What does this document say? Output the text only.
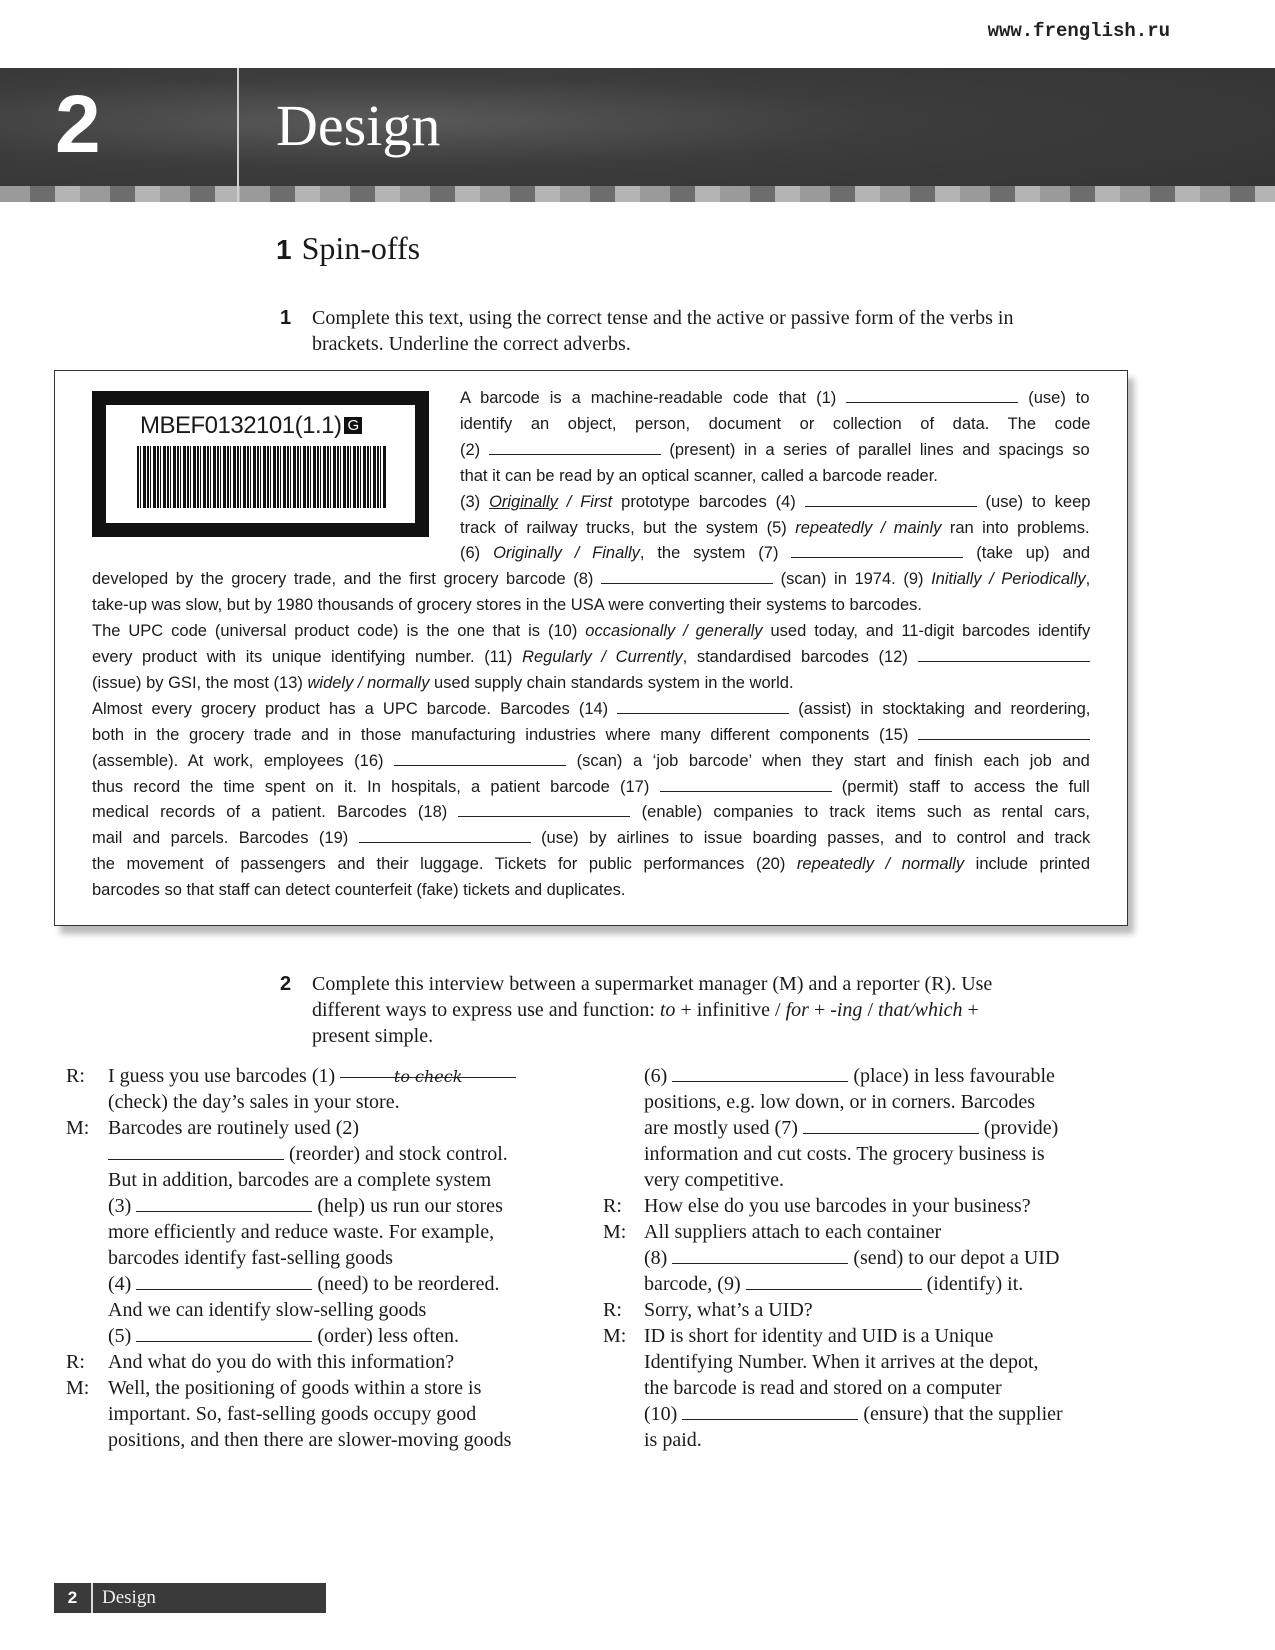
www.frenglish.ru
2	Design
1 Spin-offs
1 Complete this text, using the correct tense and the active or passive form of the verbs in
brackets. Underline the correct adverbs.
MBEF0132101(1.1) G
A barcode is a machine-readable code that (1)	(use) to
identify an object, person, document or collection of data. The code
(2)	(present) in a series of parallel lines and spacings so
that it can be read by an optical scanner, called a barcode reader.
(3) Originally / First prototype barcodes (4)	(use) to keep
track of railway trucks, but the system (5) repeatedly / mainly ran into problems.
(6) Originally / Finally, the system (7)	(take up) and
developed by the grocery trade, and the first grocery barcode (8)	(scan) in 1974. (9) Initially / Periodically,
take-up was slow, but by 1980 thousands of grocery stores in the USA were converting their systems to barcodes.
The UPC code (universal product code) is the one that is (10) occasionally / generally used today, and 11-digit barcodes identify
every product with its unique identifying number. (11) Regularly / Currently, standardised barcodes (12)
(issue) by GSI, the most (13) widely / normally used supply chain standards system in the world.
Almost every grocery product has a UPC barcode. Barcodes (14)	(assist) in stocktaking and reordering,
both in the grocery trade and in those manufacturing industries where many different components (15)
(assemble). At work, employees (16)	(scan) a ‘job barcode’ when they start and finish each job and
thus record the time spent on it. In hospitals, a patient barcode (17)	(permit) staff to access the full
medical records of a patient. Barcodes (18)	(enable) companies to track items such as rental cars,
mail and parcels. Barcodes (19)	(use) by airlines to issue boarding passes, and to control and track
the movement of passengers and their luggage. Tickets for public performances (20) repeatedly / normally include printed
barcodes so that staff can detect counterfeit (fake) tickets and duplicates.
2 Complete this interview between a supermarket manager (M) and a reporter (R). Use
different ways to express use and function: to + infinitive / for + -ing / that/which +
present simple.
R: I guess you use barcodes (1)	to check
(check) the day’s sales in your store.
M: Barcodes are routinely used (2)
(reorder) and stock control.
But in addition, barcodes are a complete system
(3)	(help) us run our stores
more efficiently and reduce waste. For example,
barcodes identify fast-selling goods
(4)	(need) to be reordered.
And we can identify slow-selling goods
(5)	(order) less often.
R: And what do you do with this information?
M: Well, the positioning of goods within a store is
important. So, fast-selling goods occupy good
positions, and then there are slower-moving goods
(6)	(place) in less favourable
positions, e.g. low down, or in corners. Barcodes
are mostly used (7)	(provide)
information and cut costs. The grocery business is
very competitive.
R: How else do you use barcodes in your business?
M: All suppliers attach to each container
(8)	(send) to our depot a UID
barcode, (9)	(identify) it.
R: Sorry, what’s a UID?
M: ID is short for identity and UID is a Unique
Identifying Number. When it arrives at the depot,
the barcode is read and stored on a computer
(10)	(ensure) that the supplier
is paid.
2	Design
